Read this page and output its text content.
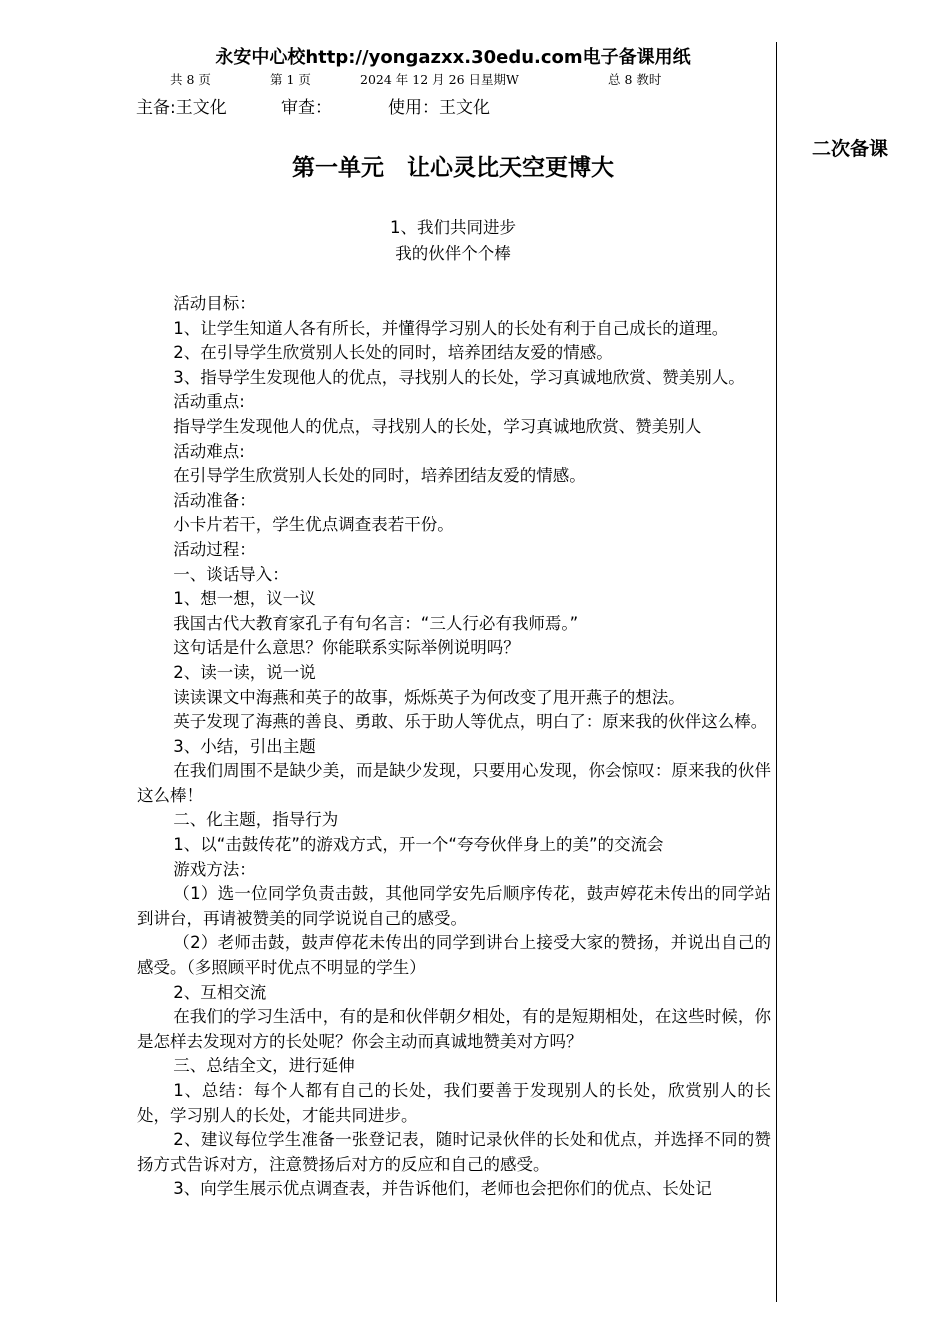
永安中心校http://yongazxx.30edu.com电子备课用纸
共 8 页	第 1 页	2024 年 12 月 26 日星期W	总 8 教时
主备:王文化	审查：	使用：王文化
二次备课
第一单元　让心灵比天空更博大
1、我们共同进步
我的伙伴个个棒

活动目标：

1、让学生知道人各有所长，并懂得学习别人的长处有利于自己成长的道理。

2、在引导学生欣赏别人长处的同时，培养团结友爱的情感。

3、指导学生发现他人的优点，寻找别人的长处，学习真诚地欣赏、赞美别人。

活动重点:

指导学生发现他人的优点，寻找别人的长处，学习真诚地欣赏、赞美别人

活动难点:

在引导学生欣赏别人长处的同时，培养团结友爱的情感。

活动准备：

小卡片若干，学生优点调查表若干份。

活动过程：

一、谈话导入：

1、想一想，议一议

我国古代大教育家孔子有句名言：“三人行必有我师焉。”

这句话是什么意思？你能联系实际举例说明吗？

2、读一读，说一说

读读课文中海燕和英子的故事，烁烁英子为何改变了甩开燕子的想法。

英子发现了海燕的善良、勇敢、乐于助人等优点，明白了：原来我的伙伴这么棒。

3、小结，引出主题

在我们周围不是缺少美，而是缺少发现，只要用心发现，你会惊叹：原来我的伙伴这么棒！

二、化主题，指导行为

1、以“击鼓传花”的游戏方式，开一个“夸夸伙伴身上的美”的交流会

游戏方法：

（1）选一位同学负责击鼓，其他同学安先后顺序传花，鼓声婷花未传出的同学站到讲台，再请被赞美的同学说说自己的感受。

（2）老师击鼓，鼓声停花未传出的同学到讲台上接受大家的赞扬，并说出自己的感受。（多照顾平时优点不明显的学生）

2、互相交流

在我们的学习生活中，有的是和伙伴朝夕相处，有的是短期相处，在这些时候，你是怎样去发现对方的长处呢？你会主动而真诚地赞美对方吗？

三、总结全文，进行延伸

1、总结：每个人都有自己的长处，我们要善于发现别人的长处，欣赏别人的长处，学习别人的长处，才能共同进步。

2、建议每位学生准备一张登记表，随时记录伙伴的长处和优点，并选择不同的赞扬方式告诉对方，注意赞扬后对方的反应和自己的感受。

3、向学生展示优点调查表，并告诉他们，老师也会把你们的优点、长处记
